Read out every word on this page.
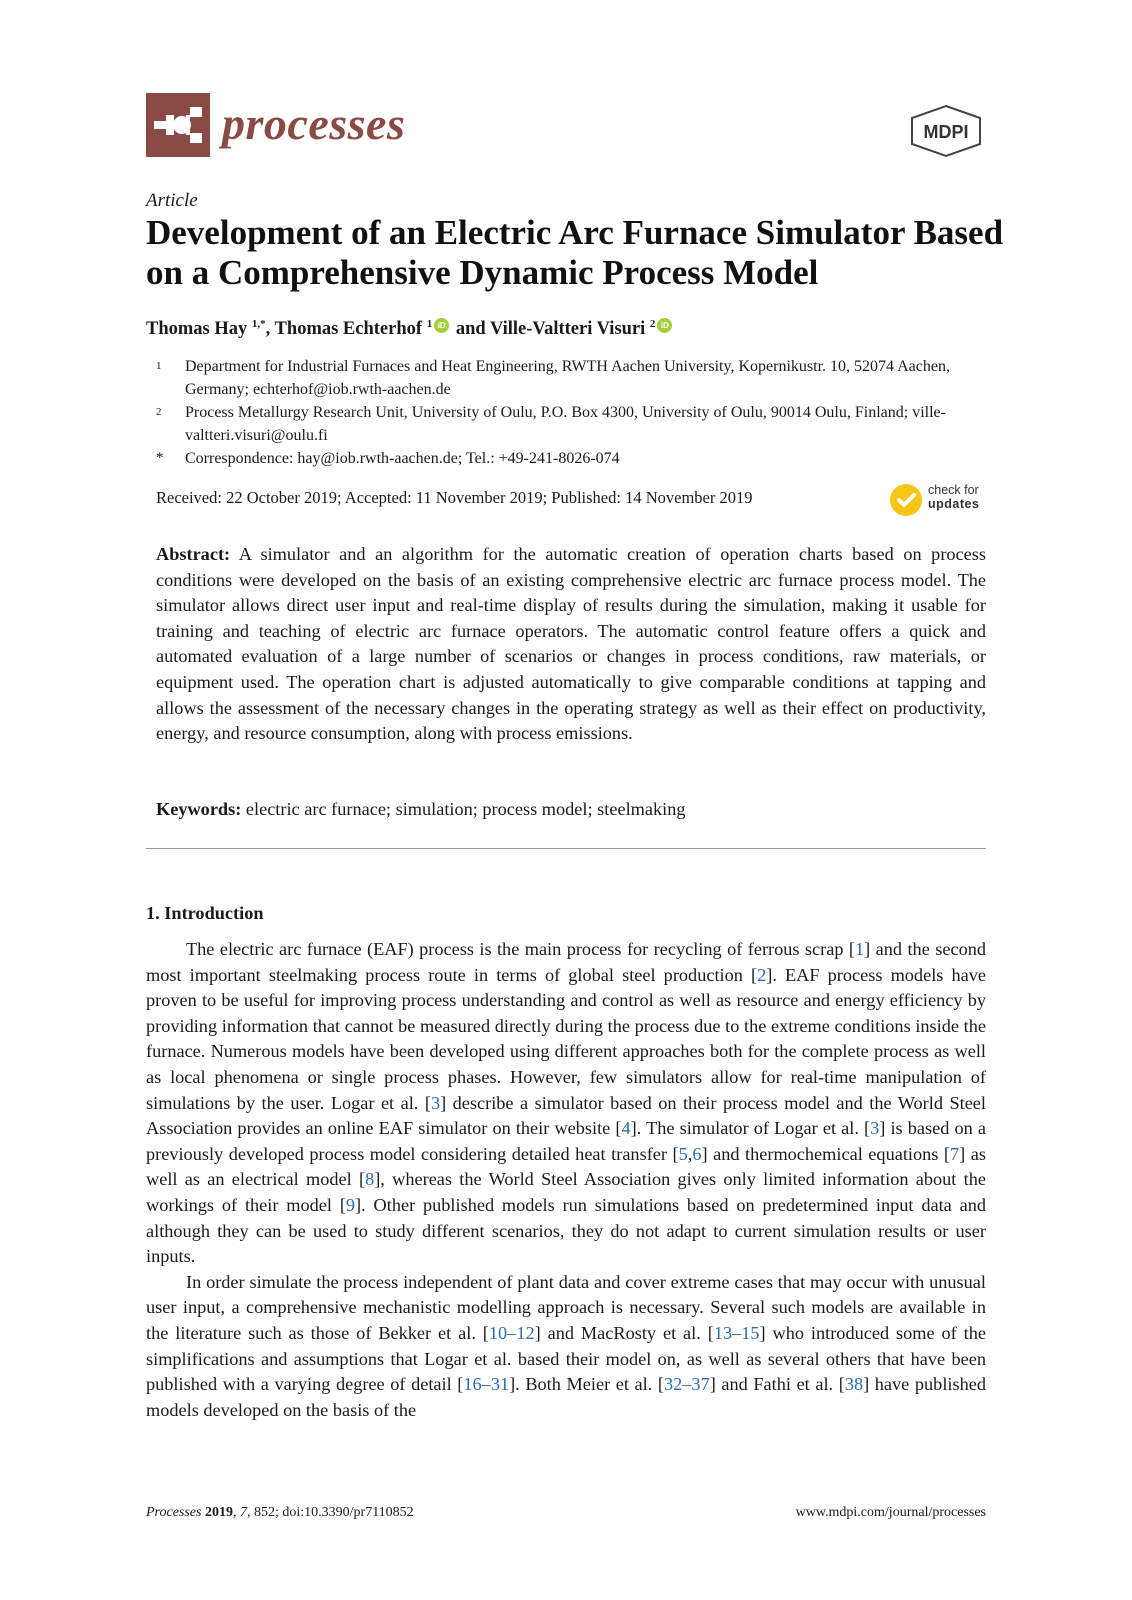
processes	MDPI
Article
Development of an Electric Arc Furnace Simulator Based on a Comprehensive Dynamic Process Model
Thomas Hay $^{1,*}$, Thomas Echterhof $^1$ iD and Ville-Valtteri Visuri $^2$ iD
1 Department for Industrial Furnaces and Heat Engineering, RWTH Aachen University, Kopernikustr. 10, 52074 Aachen, Germany; echterhof@iob.rwth-aachen.de
2 Process Metallurgy Research Unit, University of Oulu, P.O. Box 4300, University of Oulu, 90014 Oulu, Finland; ville-valtteri.visuri@oulu.fi
* Correspondence: hay@iob.rwth-aachen.de; Tel.: +49-241-8026-074
Received: 22 October 2019; Accepted: 11 November 2019; Published: 14 November 2019	check for
updates
Abstract: A simulator and an algorithm for the automatic creation of operation charts based on process conditions were developed on the basis of an existing comprehensive electric arc furnace process model. The simulator allows direct user input and real-time display of results during the simulation, making it usable for training and teaching of electric arc furnace operators. The automatic control feature offers a quick and automated evaluation of a large number of scenarios or changes in process conditions, raw materials, or equipment used. The operation chart is adjusted automatically to give comparable conditions at tapping and allows the assessment of the necessary changes in the operating strategy as well as their effect on productivity, energy, and resource consumption, along with process emissions.
Keywords: electric arc furnace; simulation; process model; steelmaking
1. Introduction

The electric arc furnace (EAF) process is the main process for recycling of ferrous scrap [1] and the second most important steelmaking process route in terms of global steel production [2]. EAF process models have proven to be useful for improving process understanding and control as well as resource and energy efficiency by providing information that cannot be measured directly during the process due to the extreme conditions inside the furnace. Numerous models have been developed using different approaches both for the complete process as well as local phenomena or single process phases. However, few simulators allow for real-time manipulation of simulations by the user. Logar et al. [3] describe a simulator based on their process model and the World Steel Association provides an online EAF simulator on their website [4]. The simulator of Logar et al. [3] is based on a previously developed process model considering detailed heat transfer [5,6] and thermochemical equations [7] as well as an electrical model [8], whereas the World Steel Association gives only limited information about the workings of their model [9]. Other published models run simulations based on predetermined input data and although they can be used to study different scenarios, they do not adapt to current simulation results or user inputs.

In order simulate the process independent of plant data and cover extreme cases that may occur with unusual user input, a comprehensive mechanistic modelling approach is necessary. Several such models are available in the literature such as those of Bekker et al. [10–12] and MacRosty et al. [13–15] who introduced some of the simplifications and assumptions that Logar et al. based their model on, as well as several others that have been published with a varying degree of detail [16–31]. Both Meier et al. [32–37] and Fathi et al. [38] have published models developed on the basis of the

Processes 2019, 7, 852; doi:10.3390/pr7110852	www.mdpi.com/journal/processes
